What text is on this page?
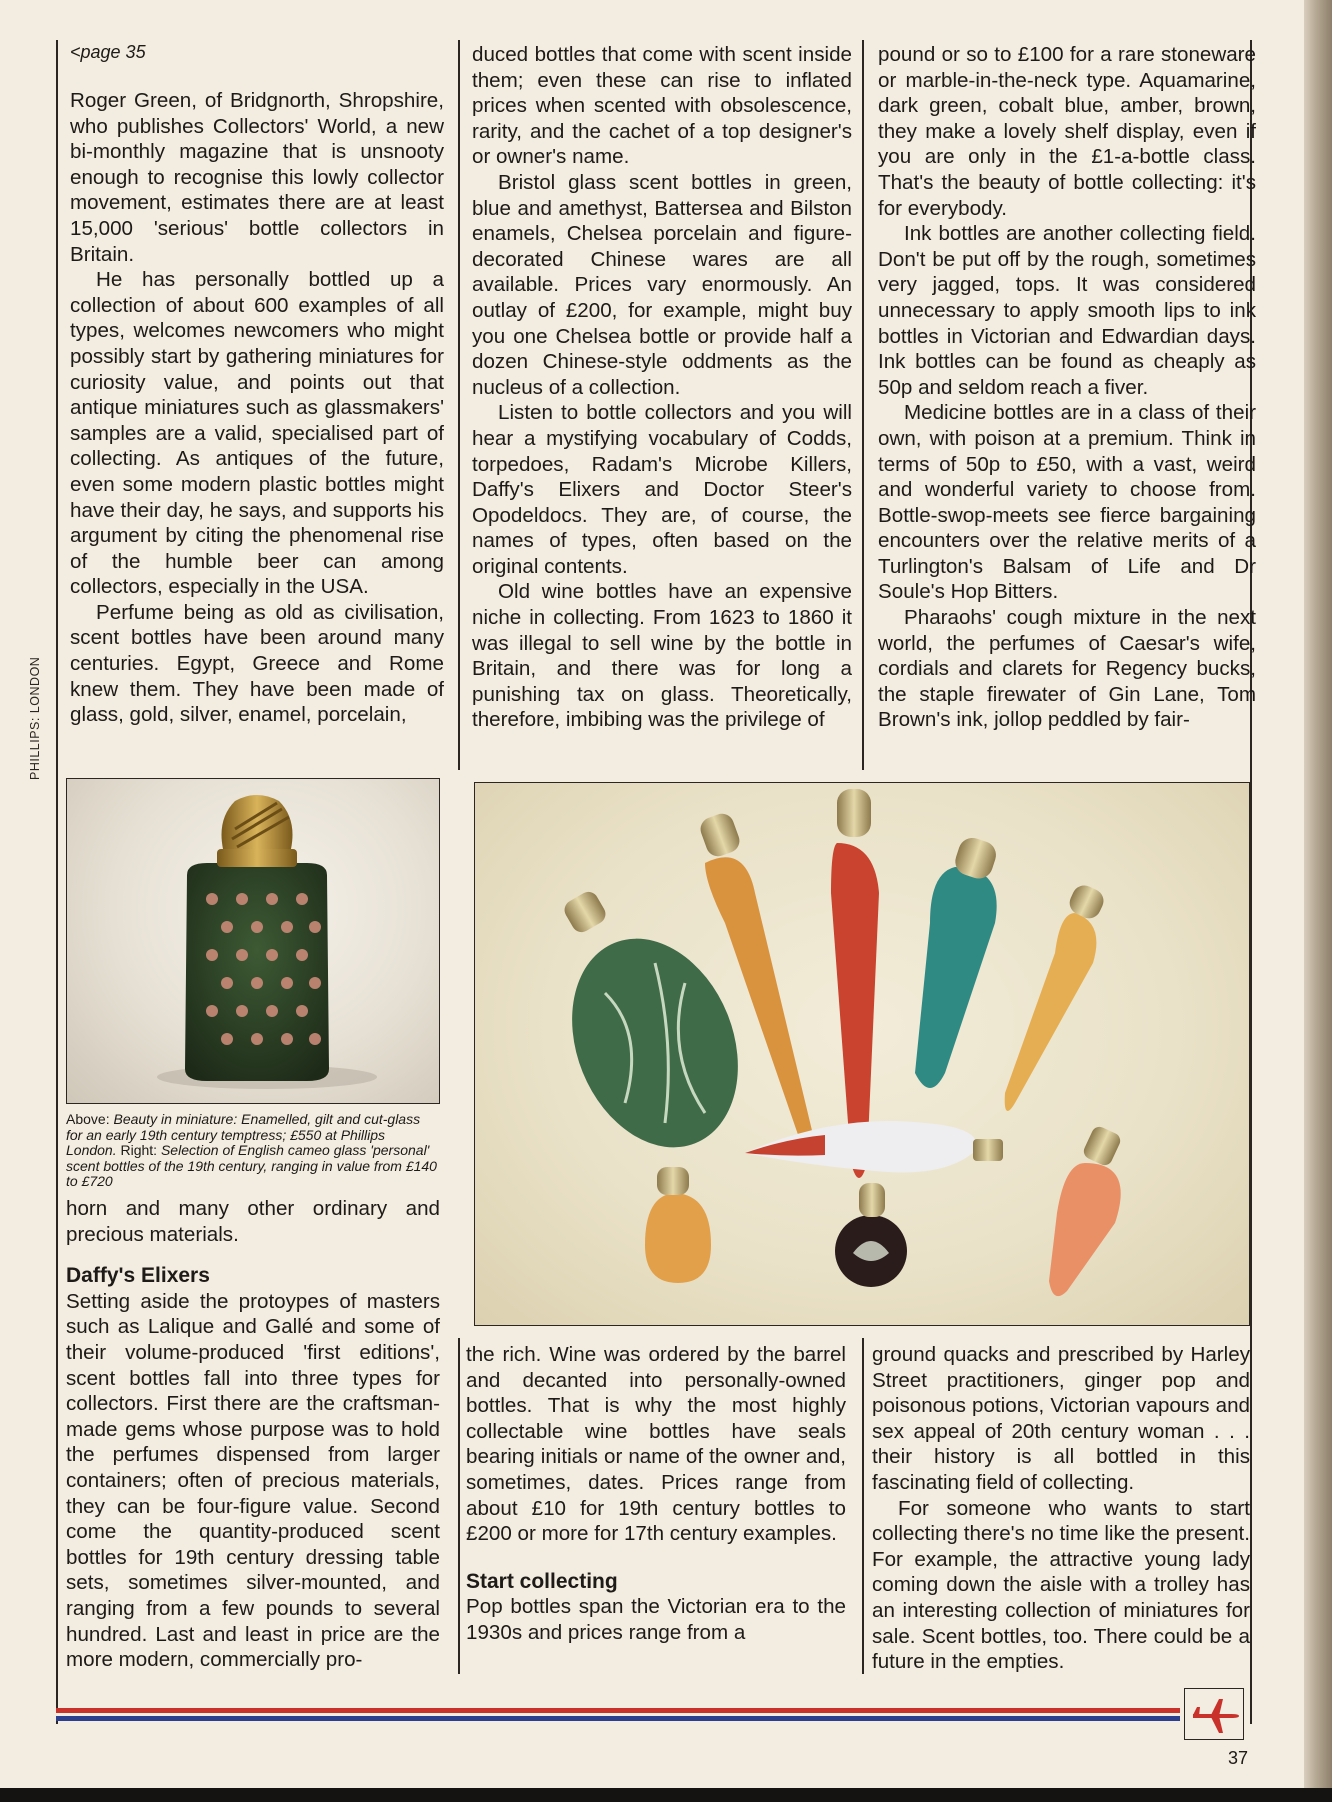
<page 35
PHILLIPS: LONDON

Roger Green, of Bridgnorth, Shropshire, who publishes Collectors' World, a new bi-monthly magazine that is unsnooty enough to recognise this lowly collector movement, estimates there are at least 15,000 'serious' bottle collectors in Britain.

He has personally bottled up a collection of about 600 examples of all types, welcomes newcomers who might possibly start by gathering miniatures for curiosity value, and points out that antique miniatures such as glassmakers' samples are a valid, specialised part of collecting. As antiques of the future, even some modern plastic bottles might have their day, he says, and supports his argument by citing the phenomenal rise of the humble beer can among collectors, especially in the USA.

Perfume being as old as civilisation, scent bottles have been around many centuries. Egypt, Greece and Rome knew them. They have been made of glass, gold, silver, enamel, porcelain,

duced bottles that come with scent inside them; even these can rise to inflated prices when scented with obsolescence, rarity, and the cachet of a top designer's or owner's name.

Bristol glass scent bottles in green, blue and amethyst, Battersea and Bilston enamels, Chelsea porcelain and figure-decorated Chinese wares are all available. Prices vary enormously. An outlay of £200, for example, might buy you one Chelsea bottle or provide half a dozen Chinese-style oddments as the nucleus of a collection.

Listen to bottle collectors and you will hear a mystifying vocabulary of Codds, torpedoes, Radam's Microbe Killers, Daffy's Elixers and Doctor Steer's Opodeldocs. They are, of course, the names of types, often based on the original contents.

Old wine bottles have an expensive niche in collecting. From 1623 to 1860 it was illegal to sell wine by the bottle in Britain, and there was for long a punishing tax on glass. Theoretically, therefore, imbibing was the privilege of

pound or so to £100 for a rare stoneware or marble-in-the-neck type. Aquamarine, dark green, cobalt blue, amber, brown, they make a lovely shelf display, even if you are only in the £1-a-bottle class. That's the beauty of bottle collecting: it's for everybody.

Ink bottles are another collecting field. Don't be put off by the rough, sometimes very jagged, tops. It was considered unnecessary to apply smooth lips to ink bottles in Victorian and Edwardian days. Ink bottles can be found as cheaply as 50p and seldom reach a fiver.

Medicine bottles are in a class of their own, with poison at a premium. Think in terms of 50p to £50, with a vast, weird and wonderful variety to choose from. Bottle-swop-meets see fierce bargaining encounters over the relative merits of a Turlington's Balsam of Life and Dr Soule's Hop Bitters.

Pharaohs' cough mixture in the next world, the perfumes of Caesar's wife, cordials and clarets for Regency bucks, the staple firewater of Gin Lane, Tom Brown's ink, jollop peddled by fair-

Above: Beauty in miniature: Enamelled, gilt and cut-glass for an early 19th century temptress; £550 at Phillips London. Right: Selection of English cameo glass 'personal' scent bottles of the 19th century, ranging in value from £140 to £720

horn and many other ordinary and precious materials.

Daffy's Elixers

Setting aside the protoypes of masters such as Lalique and Gallé and some of their volume-produced 'first editions', scent bottles fall into three types for collectors. First there are the craftsman-made gems whose purpose was to hold the perfumes dispensed from larger containers; often of precious materials, they can be four-figure value. Second come the quantity-produced scent bottles for 19th century dressing table sets, sometimes silver-mounted, and ranging from a few pounds to several hundred. Last and least in price are the more modern, commercially pro-

the rich. Wine was ordered by the barrel and decanted into personally-owned bottles. That is why the most highly collectable wine bottles have seals bearing initials or name of the owner and, sometimes, dates. Prices range from about £10 for 19th century bottles to £200 or more for 17th century examples.

Start collecting

Pop bottles span the Victorian era to the 1930s and prices range from a

ground quacks and prescribed by Harley Street practitioners, ginger pop and poisonous potions, Victorian vapours and sex appeal of 20th century woman . . . their history is all bottled in this fascinating field of collecting.

For someone who wants to start collecting there's no time like the present. For example, the attractive young lady coming down the aisle with a trolley has an interesting collection of miniatures for sale. Scent bottles, too. There could be a future in the empties.

37
